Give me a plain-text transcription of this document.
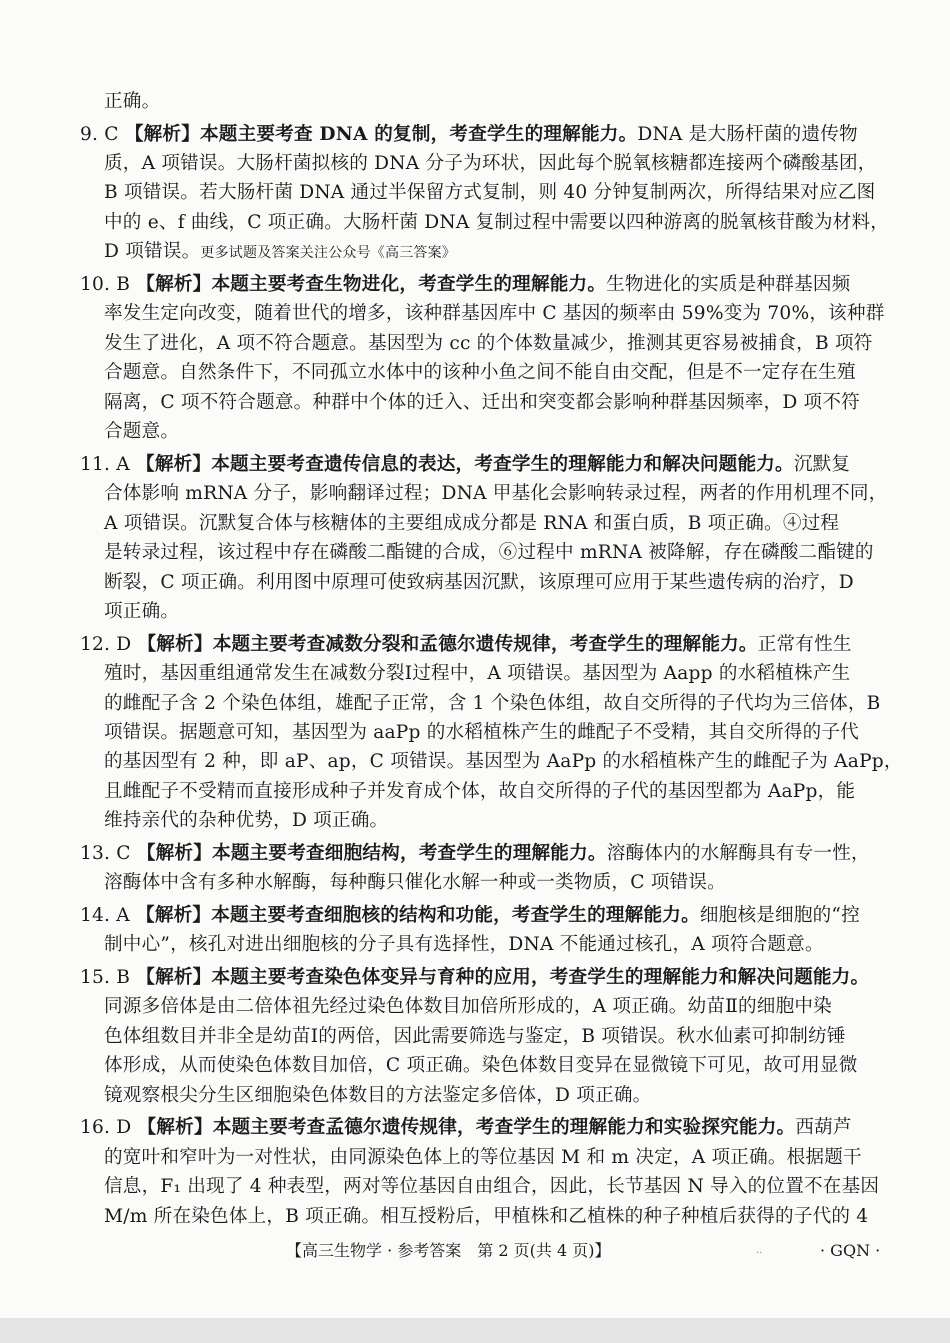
正确。
9. C 【解析】本题主要考查 DNA 的复制，考查学生的理解能力。DNA 是大肠杆菌的遗传物
质，A 项错误。大肠杆菌拟核的 DNA 分子为环状，因此每个脱氧核糖都连接两个磷酸基团，
B 项错误。若大肠杆菌 DNA 通过半保留方式复制，则 40 分钟复制两次，所得结果对应乙图
中的 e、f 曲线，C 项正确。大肠杆菌 DNA 复制过程中需要以四种游离的脱氧核苷酸为材料，
D 项错误。更多试题及答案关注公众号《高三答案》
10. B 【解析】本题主要考查生物进化，考查学生的理解能力。生物进化的实质是种群基因频
率发生定向改变，随着世代的增多，该种群基因库中 C 基因的频率由 59%变为 70%，该种群
发生了进化，A 项不符合题意。基因型为 cc 的个体数量减少，推测其更容易被捕食，B 项符
合题意。自然条件下，不同孤立水体中的该种小鱼之间不能自由交配，但是不一定存在生殖
隔离，C 项不符合题意。种群中个体的迁入、迁出和突变都会影响种群基因频率，D 项不符
合题意。
11. A 【解析】本题主要考查遗传信息的表达，考查学生的理解能力和解决问题能力。沉默复
合体影响 mRNA 分子，影响翻译过程；DNA 甲基化会影响转录过程，两者的作用机理不同，
A 项错误。沉默复合体与核糖体的主要组成成分都是 RNA 和蛋白质，B 项正确。④过程
是转录过程，该过程中存在磷酸二酯键的合成，⑥过程中 mRNA 被降解，存在磷酸二酯键的
断裂，C 项正确。利用图中原理可使致病基因沉默，该原理可应用于某些遗传病的治疗，D
项正确。
12. D 【解析】本题主要考查减数分裂和孟德尔遗传规律，考查学生的理解能力。正常有性生
殖时，基因重组通常发生在减数分裂Ⅰ过程中，A 项错误。基因型为 Aapp 的水稻植株产生
的雌配子含 2 个染色体组，雄配子正常，含 1 个染色体组，故自交所得的子代均为三倍体，B
项错误。据题意可知，基因型为 aaPp 的水稻植株产生的雌配子不受精，其自交所得的子代
的基因型有 2 种，即 aP、ap，C 项错误。基因型为 AaPp 的水稻植株产生的雌配子为 AaPp，
且雌配子不受精而直接形成种子并发育成个体，故自交所得的子代的基因型都为 AaPp，能
维持亲代的杂种优势，D 项正确。
13. C 【解析】本题主要考查细胞结构，考查学生的理解能力。溶酶体内的水解酶具有专一性，
溶酶体中含有多种水解酶，每种酶只催化水解一种或一类物质，C 项错误。
14. A 【解析】本题主要考查细胞核的结构和功能，考查学生的理解能力。细胞核是细胞的“控
制中心”，核孔对进出细胞核的分子具有选择性，DNA 不能通过核孔，A 项符合题意。
15. B 【解析】本题主要考查染色体变异与育种的应用，考查学生的理解能力和解决问题能力。
同源多倍体是由二倍体祖先经过染色体数目加倍所形成的，A 项正确。幼苗Ⅱ的细胞中染
色体组数目并非全是幼苗Ⅰ的两倍，因此需要筛选与鉴定，B 项错误。秋水仙素可抑制纺锤
体形成，从而使染色体数目加倍，C 项正确。染色体数目变异在显微镜下可见，故可用显微
镜观察根尖分生区细胞染色体数目的方法鉴定多倍体，D 项正确。
16. D 【解析】本题主要考查孟德尔遗传规律，考查学生的理解能力和实验探究能力。西葫芦
的宽叶和窄叶为一对性状，由同源染色体上的等位基因 M 和 m 决定，A 项正确。根据题干
信息，F₁ 出现了 4 种表型，两对等位基因自由组合，因此，长节基因 N 导入的位置不在基因
M/m 所在染色体上，B 项正确。相互授粉后，甲植株和乙植株的种子种植后获得的子代的 4
【高三生物学 · 参考答案　第 2 页(共 4 页)】	..	· GQN ·
